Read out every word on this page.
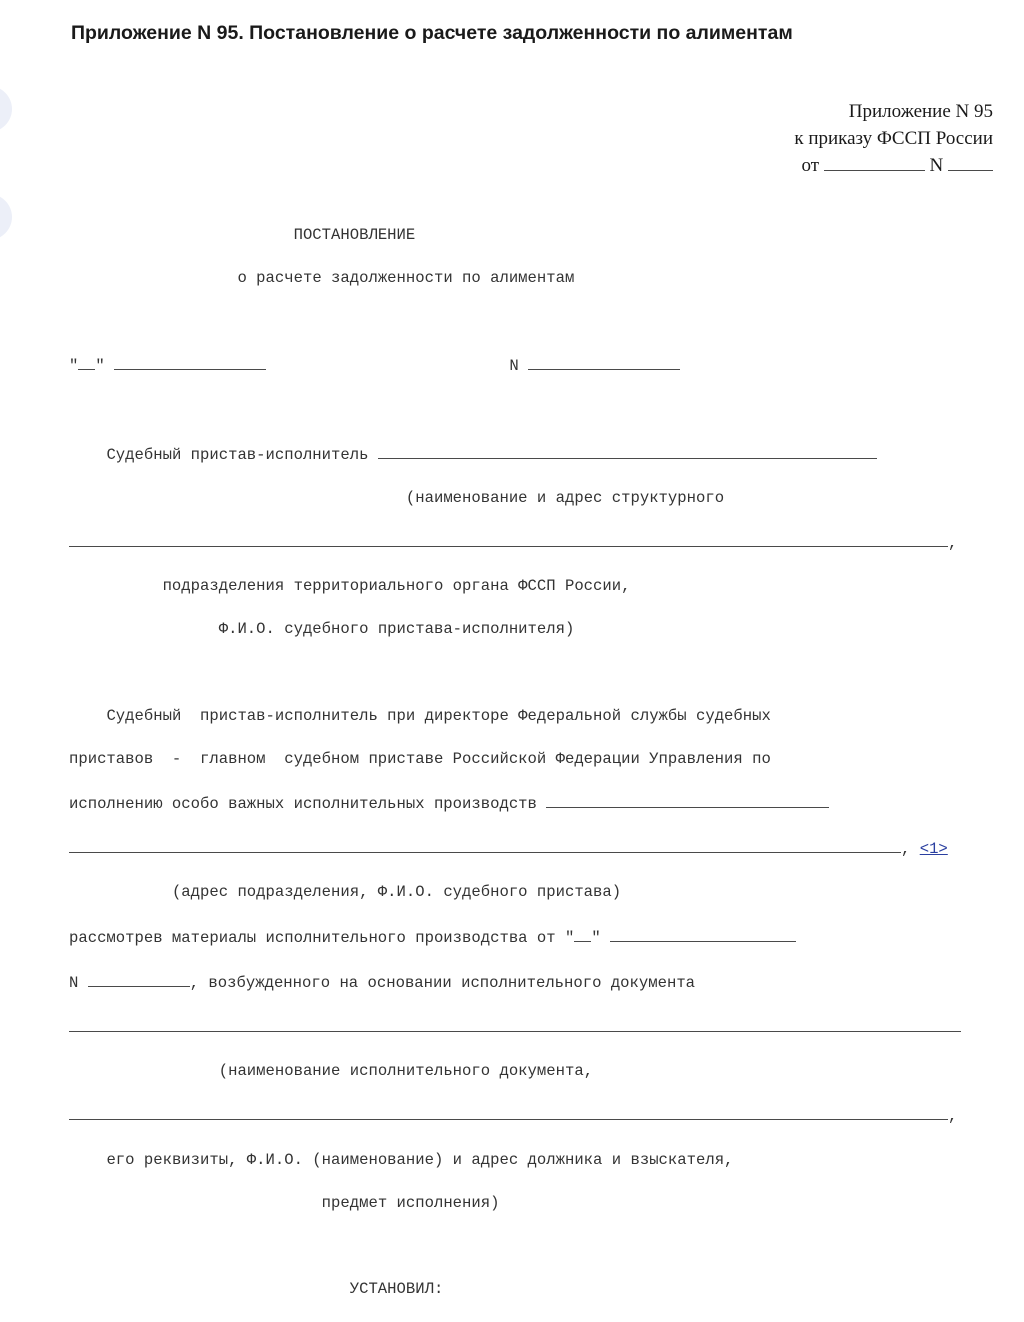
Приложение N 95. Постановление о расчете задолженности по алиментам
Приложение N 95
к приказу ФССП России
от	N

ПОСТАНОВЛЕНИЕ

о расчете задолженности по алиментам

" "	N

Судебный пристав-исполнитель

(наименование и адрес структурного

,

подразделения территориального органа ФССП России,

Ф.И.О. судебного пристава-исполнителя)

Судебный  пристав-исполнитель при директоре Федеральной службы судебных

приставов  -  главном  судебном приставе Российской Федерации Управления по

исполнению особо важных исполнительных производств

, <1>

(адрес подразделения, Ф.И.О. судебного пристава)

рассмотрев материалы исполнительного производства от " "

N	, возбужденного на основании исполнительного документа

(наименование исполнительного документа,

,

его реквизиты, Ф.И.О. (наименование) и адрес должника и взыскателя,

предмет исполнения)

УСТАНОВИЛ:
